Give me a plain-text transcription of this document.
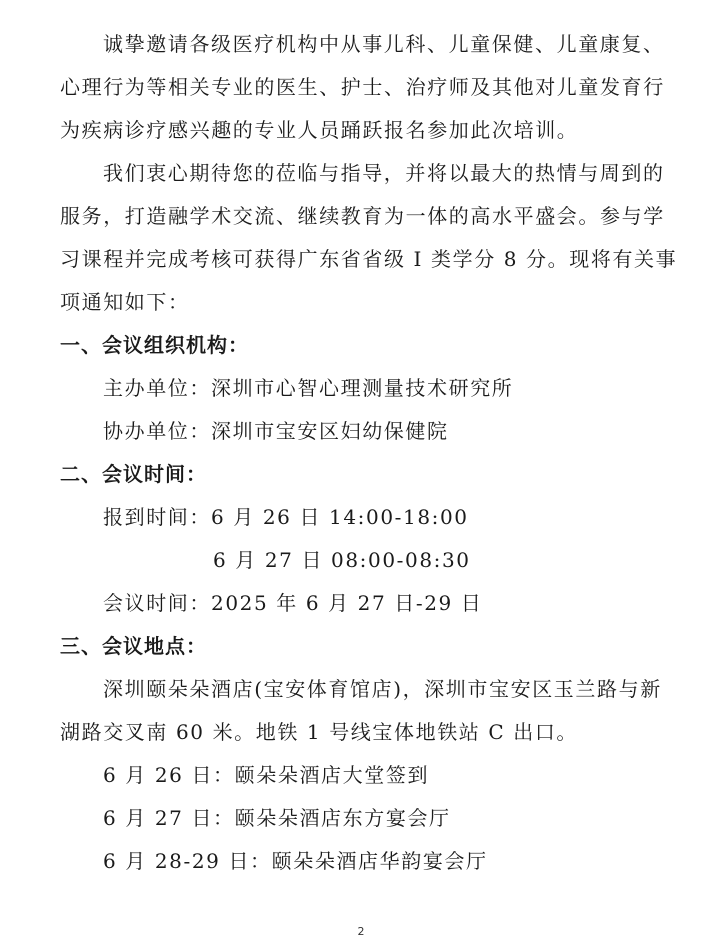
诚挚邀请各级医疗机构中从事儿科、儿童保健、儿童康复、
心理行为等相关专业的医生、护士、治疗师及其他对儿童发育行
为疾病诊疗感兴趣的专业人员踊跃报名参加此次培训。
我们衷心期待您的莅临与指导，并将以最大的热情与周到的
服务，打造融学术交流、继续教育为一体的高水平盛会。参与学
习课程并完成考核可获得广东省省级 I 类学分 8 分。现将有关事
项通知如下：
一、会议组织机构：
主办单位：深圳市心智心理测量技术研究所
协办单位：深圳市宝安区妇幼保健院
二、会议时间：
报到时间：6 月 26 日 14:00-18:00
6 月 27 日 08:00-08:30
会议时间：2025 年 6 月 27 日-29 日
三、会议地点：
深圳颐朵朵酒店(宝安体育馆店)，深圳市宝安区玉兰路与新
湖路交叉南 60 米。地铁 1 号线宝体地铁站 C 出口。
6 月 26 日：颐朵朵酒店大堂签到
6 月 27 日：颐朵朵酒店东方宴会厅
6 月 28-29 日：颐朵朵酒店华韵宴会厅
2
